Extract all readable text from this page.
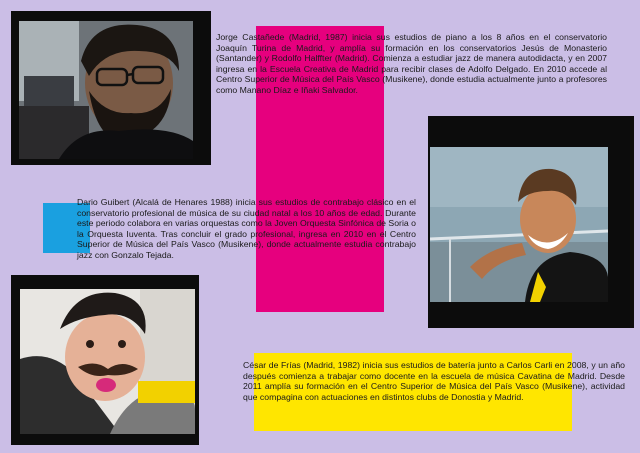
Jorge Castañede (Madrid, 1987) inicia sus estudios de piano a los 8 años en el conservatorio Joaquín Turina de Madrid, y amplía su formación en los conservatorios Jesús de Monasterio (Santander) y Rodolfo Halffter (Madrid). Comienza a estudiar jazz de manera autodidacta, y en 2007 ingresa en la Escuela Creativa de Madrid para recibir clases de Adolfo Delgado. En 2010 accede al Centro Superior de Música del País Vasco (Musikene), donde estudia actualmente junto a profesores como Manano Díaz e Iñaki Salvador.

Dario Guibert (Alcalá de Henares 1988) inicia sus estudios de contrabajo clásico en el conservatorio profesional de música de su ciudad natal a los 10 años de edad. Durante este periodo colabora en varias orquestas como la Joven Orquesta Sinfónica de Soria o la Orquesta Iuventa. Tras concluir el grado profesional, ingresa en 2010 en el Centro Superior de Música del País Vasco (Musikene), donde actualmente estudia contrabajo jazz con Gonzalo Tejada.

César de Frías (Madrid, 1982) inicia sus estudios de batería junto a Carlos Carli en 2008, y un año después comienza a trabajar como docente en la escuela de música Cavatina de Madrid. Desde 2011 amplía su formación en el Centro Superior de Música del País Vasco (Musikene), actividad que compagina con actuaciones en distintos clubs de Donostia y Madrid.
